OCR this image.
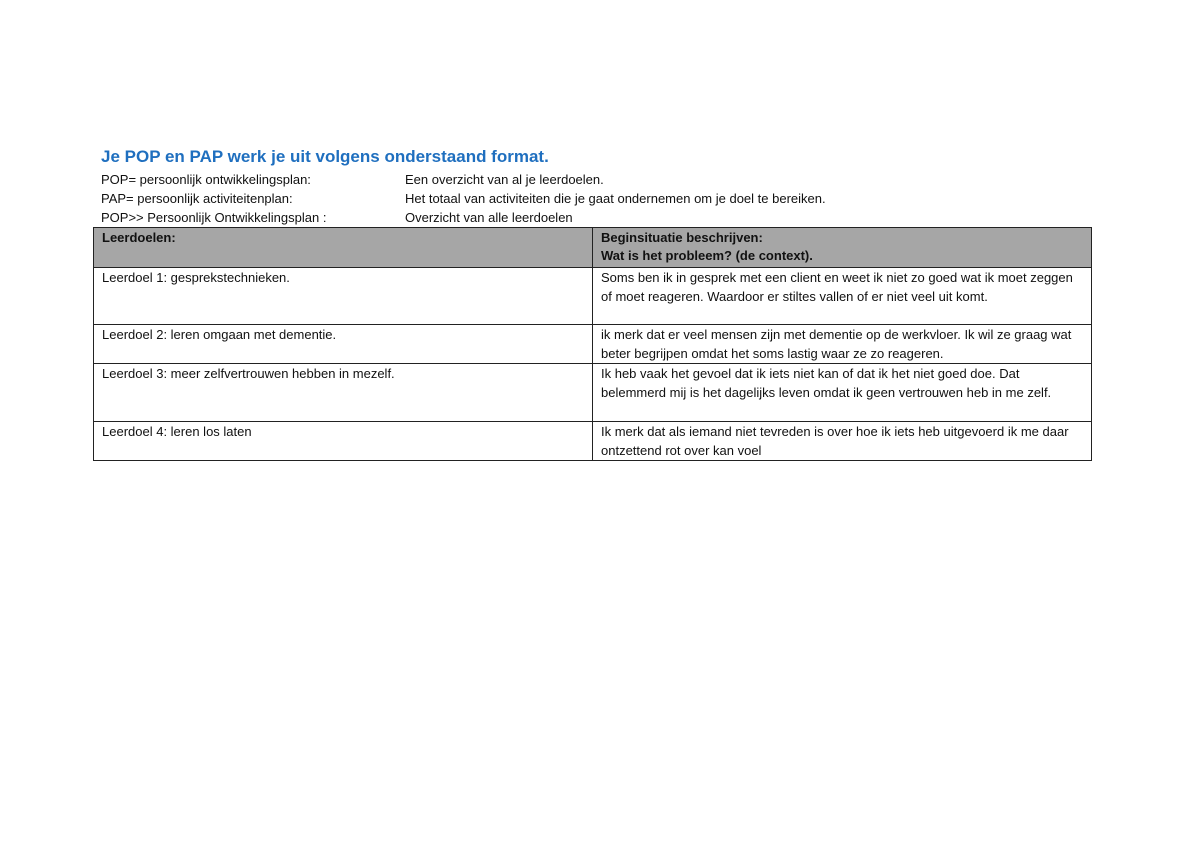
Je POP en PAP werk je uit volgens onderstaand format.
POP= persoonlijk ontwikkelingsplan:	Een overzicht van al je leerdoelen.
PAP= persoonlijk activiteitenplan:	Het totaal van activiteiten die je gaat ondernemen om je doel te bereiken.
POP>> Persoonlijk Ontwikkelingsplan :	Overzicht van alle leerdoelen
Leerdoelen:	Beginsituatie beschrijven:
Wat is het probleem? (de context).

Leerdoel 1: gesprekstechnieken.	Soms ben ik in gesprek met een client en weet ik niet zo goed wat ik moet zeggen of moet reageren. Waardoor er stiltes vallen of er niet veel uit komt.
Leerdoel 2: leren omgaan met dementie.	ik merk dat er veel mensen zijn met dementie op de werkvloer. Ik wil ze graag wat beter begrijpen omdat het soms lastig waar ze zo reageren.
Leerdoel 3: meer zelfvertrouwen hebben in mezelf.	Ik heb vaak het gevoel dat ik iets niet kan of dat ik het niet goed doe. Dat belemmerd mij is het dagelijks leven omdat ik geen vertrouwen heb in me zelf.
Leerdoel 4: leren los laten	Ik merk dat als iemand niet tevreden is over hoe ik iets heb uitgevoerd ik me daar ontzettend rot over kan voel
